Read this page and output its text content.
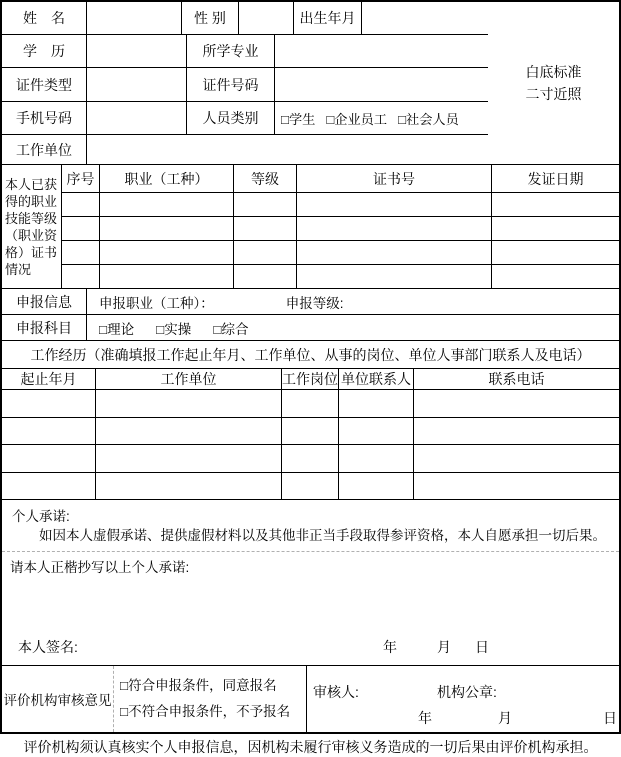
姓　名	性 别	出生年月
学　历	所学专业
证件类型	证件号码
手机号码	人员类别	□学生 □企业员工 □社会人员
工作单位
白底标准
二寸近照
本人已获得的职业技能等级（职业资格）证书情况
序号	职业（工种）	等级	证书号	发证日期
申报信息	申报职业（工种）：	申报等级:
申报科目	□理论 □实操 □综合
工作经历（准确填报工作起止年月、工作单位、从事的岗位、单位人事部门联系人及电话）
起止年月	工作单位	工作岗位 单位联系人	联系电话
个人承诺:
如因本人虚假承诺、提供虚假材料以及其他非正当手段取得参评资格，本人自愿承担一切后果。
请本人正楷抄写以上个人承诺:
本人签名:	年	月 日
评价机构审核意见
□符合申报条件，同意报名
□不符合申报条件，不予报名
审核人:	机构公章:
年	月	日
评价机构须认真核实个人申报信息，因机构未履行审核义务造成的一切后果由评价机构承担。
